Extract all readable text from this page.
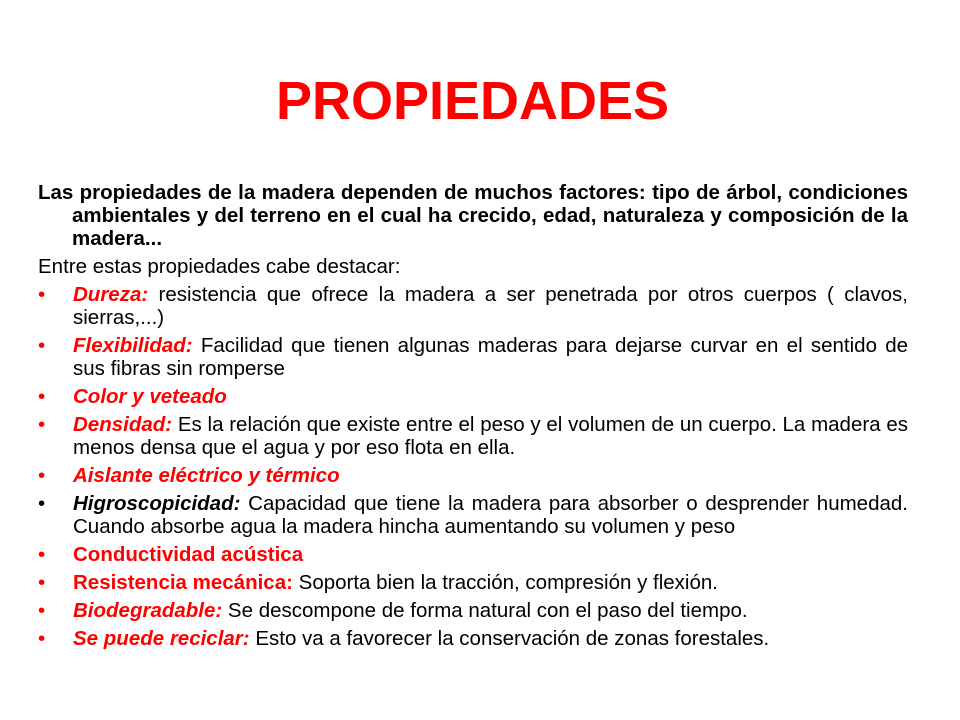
PROPIEDADES

Las propiedades de la madera dependen de muchos factores: tipo de árbol, condiciones ambientales y del terreno en el cual ha crecido, edad, naturaleza y composición de la madera...

Entre estas propiedades cabe destacar:

•	Dureza: resistencia que ofrece la madera a ser penetrada por otros cuerpos ( clavos, sierras,...)
•	Flexibilidad: Facilidad que tienen algunas maderas para dejarse curvar en el sentido de sus fibras sin romperse
•	Color y veteado
•	Densidad: Es la relación que existe entre el peso y el volumen de un cuerpo. La madera es menos densa que el agua y por eso flota en ella.
•	Aislante eléctrico y térmico
•	Higroscopicidad: Capacidad que tiene la madera para absorber o desprender humedad. Cuando absorbe agua la madera hincha aumentando su volumen y peso
•	Conductividad acústica
•	Resistencia mecánica: Soporta bien la tracción, compresión y flexión.
•	Biodegradable: Se descompone de forma natural con el paso del tiempo.
•	Se puede reciclar: Esto va a favorecer la conservación de zonas forestales.
